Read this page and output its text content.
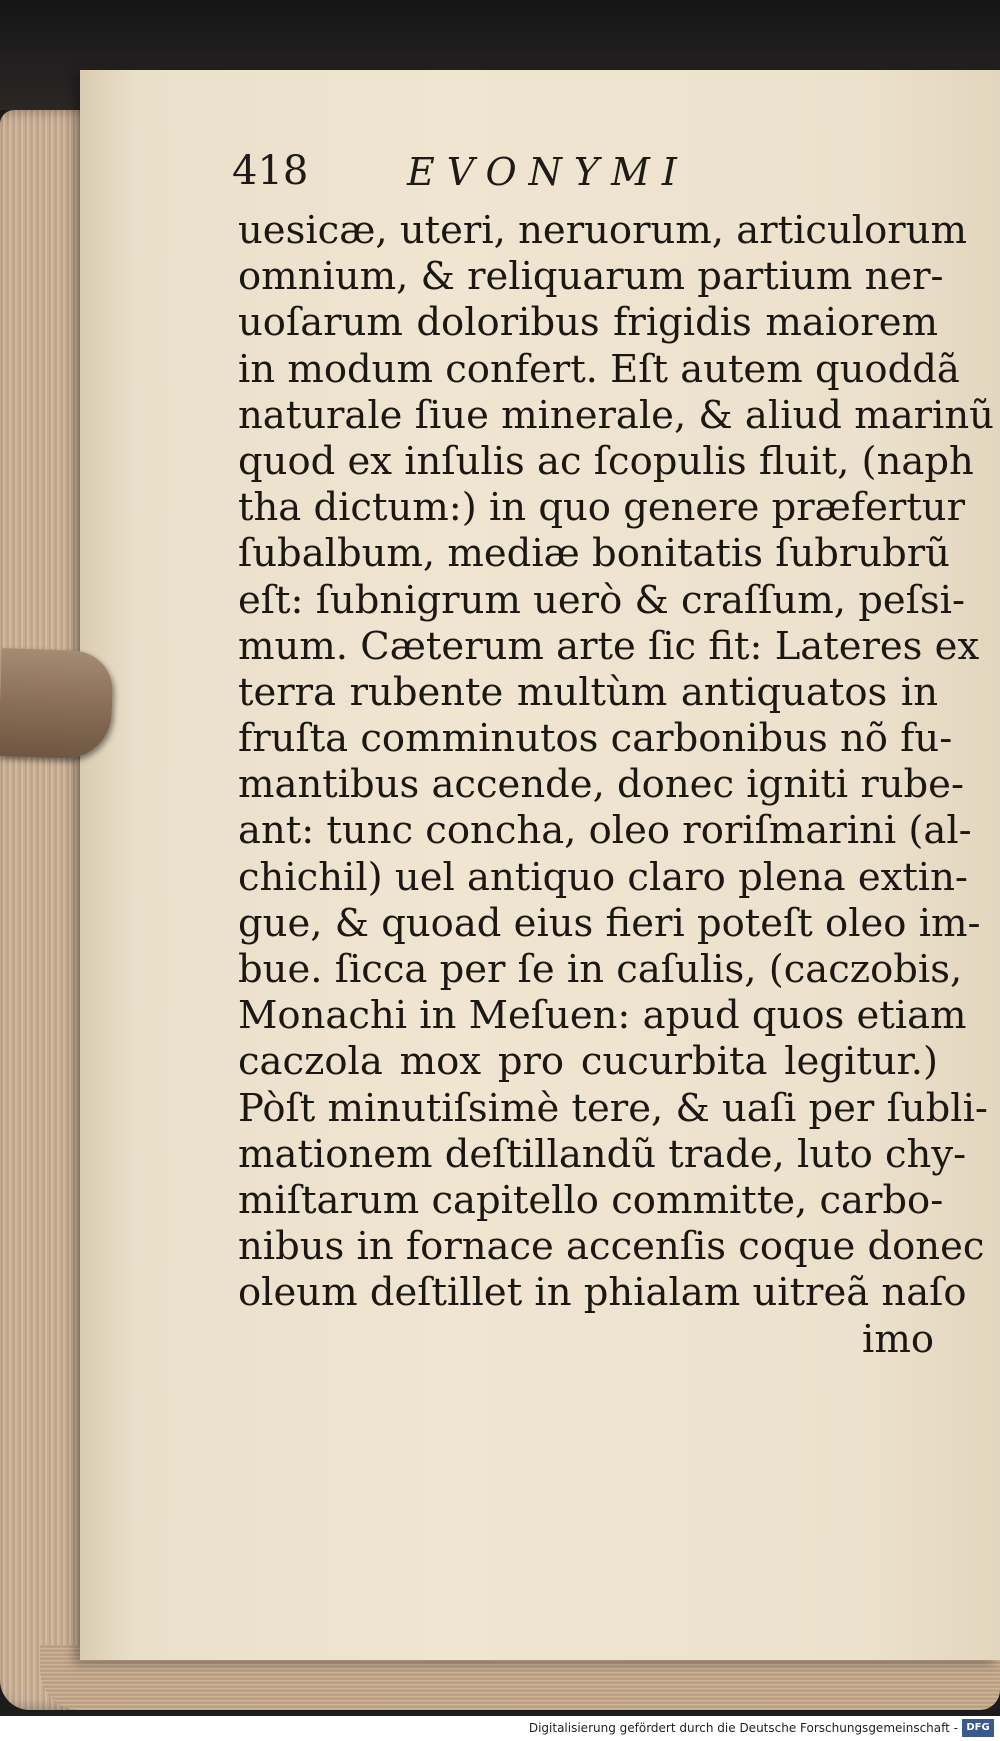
418	EVONYMI
uesicæ, uteri, neruorum, articulorum
omnium, & reliquarum partium ner-
uoſarum doloribus frigidis maiorem
in modum confert. Eſt autem quoddã
naturale ſiue minerale, & aliud marinũ
quod ex inſulis ac ſcopulis fluit, (naph
tha dictum:) in quo genere præfertur
ſubalbum, mediæ bonitatis ſubrubrũ
eſt: ſubnigrum uerò & craſſum, peſsi-
mum. Cæterum arte ſic fit: Lateres ex
terra rubente multùm antiquatos in
fruſta comminutos carbonibus nõ fu-
mantibus accende, donec igniti rube-
ant: tunc concha, oleo roriſmarini (al-
chichil) uel antiquo claro plena extin-
gue, & quoad eius fieri poteſt oleo im-
bue. ſicca per ſe in caſulis, (caczobis,
Monachi in Meſuen: apud quos etiam
caczola mox pro cucurbita legitur.)
Pòſt minutiſsimè tere, & uaſi per ſubli-
mationem deſtillandũ trade, luto chy-
miſtarum capitello committe, carbo-
nibus in fornace accenſis coque donec
oleum deſtillet in phialam uitreã naſo
imo
Digitalisierung gefördert durch die Deutsche Forschungsgemeinschaft - DFG
